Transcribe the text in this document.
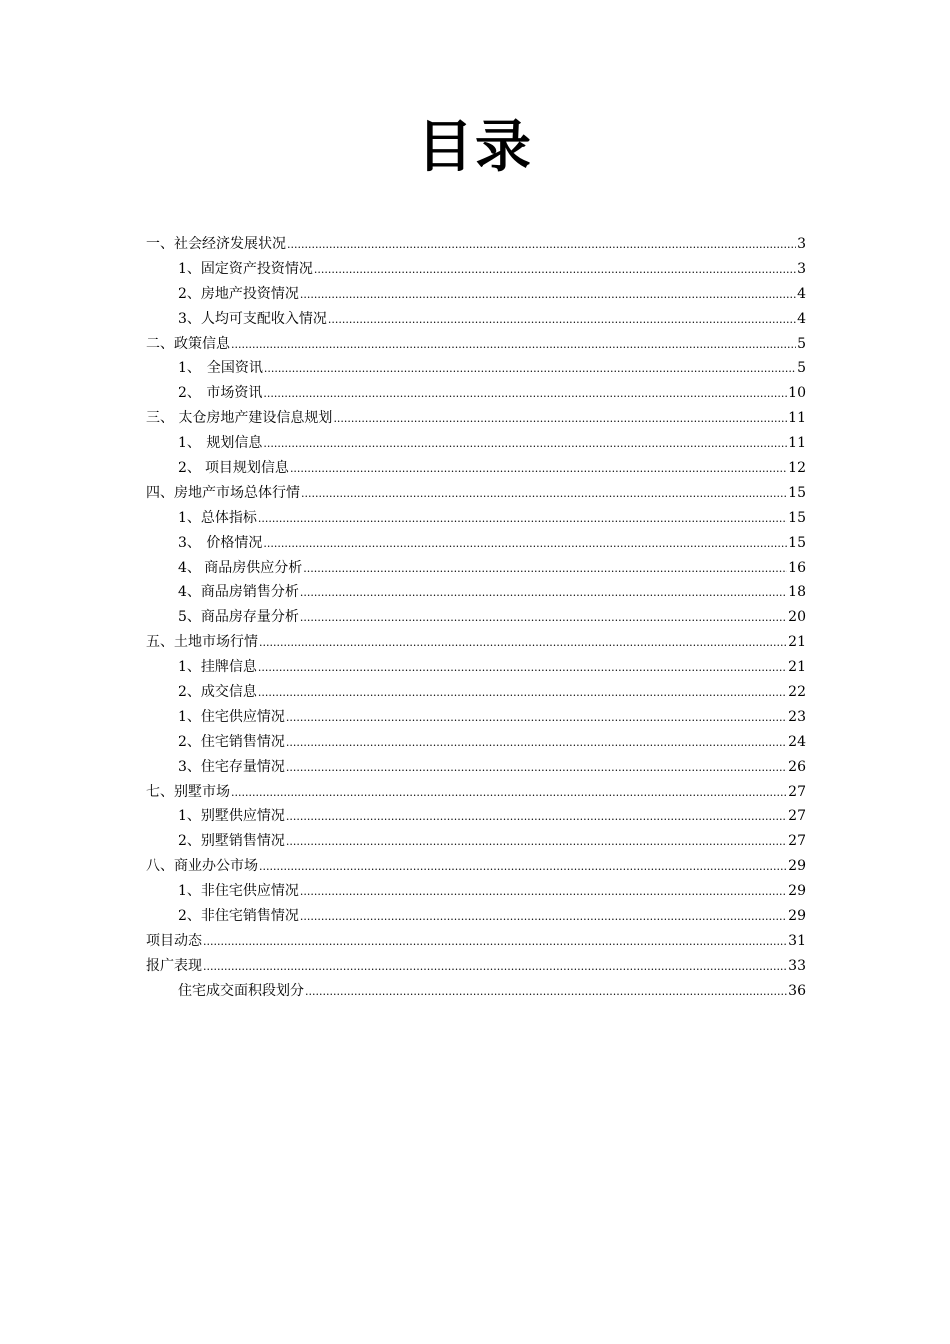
目录
一、 社会经济发展状况 .....	3
1、 固定资产投资情况 .....	3
2、 房地产投资情况 .....	4
3、 人均可支配收入情况 .....	4
二、 政策信息 .....	5
1、 全国资讯 .....	5
2、 市场资讯 .....	10
三、 太仓房地产建设信息规划 .....	11
1、 规划信息 .....	11
2、 项目规划信息 .....	12
四、 房地产市场总体行情 .....	15
1、 总体指标 .....	15
3、 价格情况 .....	15
4、 商品房供应分析 .....	16
4、 商品房销售分析 .....	18
5、 商品房存量分析 .....	20
五、 土地市场行情 .....	21
1、 挂牌信息 .....	21
2、 成交信息 .....	22
1、 住宅供应情况 .....	23
2、 住宅销售情况 .....	24
3、 住宅存量情况 .....	26
七、 别墅市场 .....	27
1、 别墅供应情况 .....	27
2、 别墅销售情况 .....	27
八、 商业办公市场 .....	29
1、 非住宅供应情况 .....	29
2、 非住宅销售情况 .....	29
项目动态 .....	31
报广表现 .....	33
住宅成交面积段划分 .....	36
